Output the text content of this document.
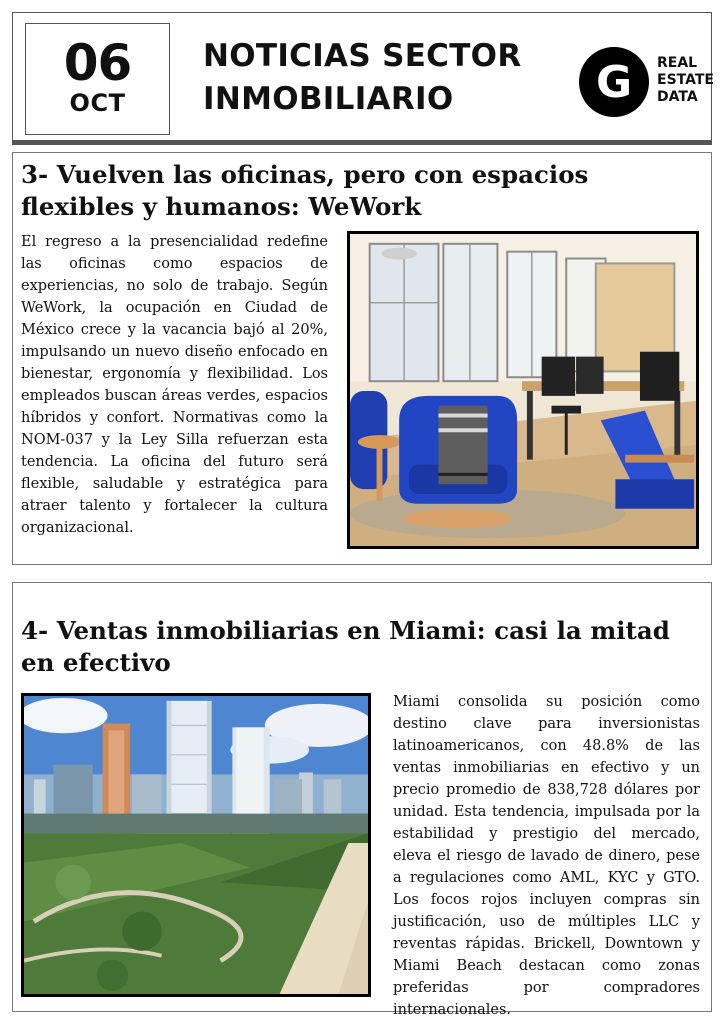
06
OCT
NOTICIAS SECTOR
INMOBILIARIO	G REAL
ESTATE
DATA
3- Vuelven las oficinas, pero con espacios flexibles y humanos: WeWork
El regreso a la presencialidad redefine las oficinas como espacios de experiencias, no solo de trabajo. Según WeWork, la ocupación en Ciudad de México crece y la vacancia bajó al 20%, impulsando un nuevo diseño enfocado en bienestar, ergonomía y flexibilidad. Los empleados buscan áreas verdes, espacios híbridos y confort. Normativas como la NOM-037 y la Ley Silla refuerzan esta tendencia. La oficina del futuro será flexible, saludable y estratégica para atraer talento y fortalecer la cultura organizacional.
4- Ventas inmobiliarias en Miami: casi la mitad en efectivo
Miami consolida su posición como destino clave para inversionistas latinoamericanos, con 48.8% de las ventas inmobiliarias en efectivo y un precio promedio de 838,728 dólares por unidad. Esta tendencia, impulsada por la estabilidad y prestigio del mercado, eleva el riesgo de lavado de dinero, pese a regulaciones como AML, KYC y GTO. Los focos rojos incluyen compras sin justificación, uso de múltiples LLC y reventas rápidas. Brickell, Downtown y Miami Beach destacan como zonas preferidas por compradores internacionales.
